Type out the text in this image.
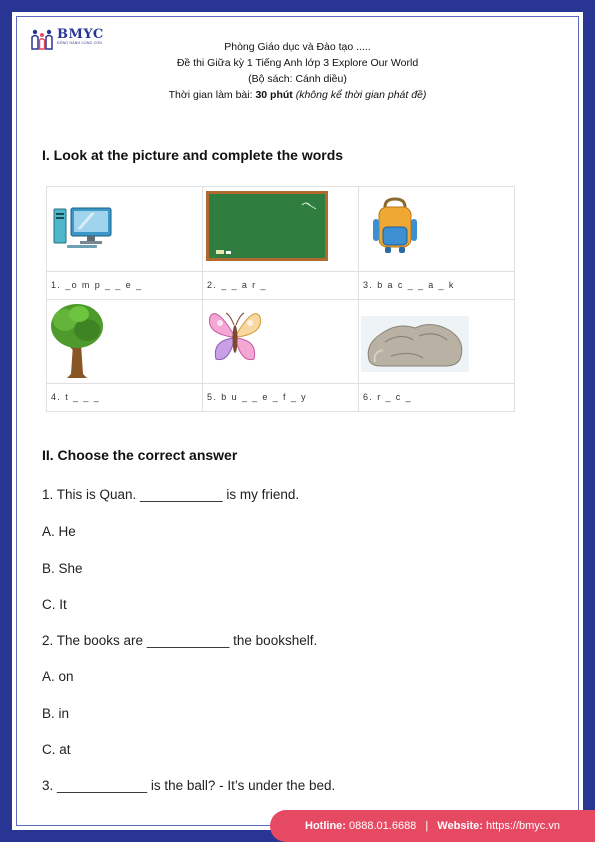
BMYC
ĐỒNG HÀNH CÙNG CON	Phòng Giáo dục và Đào tạo .....
Đề thi Giữa kỳ 1 Tiếng Anh lớp 3 Explore Our World
(Bộ sách: Cánh diều)
Thời gian làm bài: 30 phút (không kể thời gian phát đề)
I. Look at the picture and complete the words
1. _o m p _ _ e _	2. _ _ a r _	3. b a c _ _ a _ k
4. t _ _ _	5. b u _ _ e _ f _ y	6. r _ c _
II. Choose the correct answer
1. This is Quan. ___________ is my friend.
A. He
B. She
C. It
2. The books are ___________ the bookshelf.
A. on
B. in
C. at
3. ____________ is the ball? - It’s under the bed.
Hotline: 0888.01.6688 | Website: https://bmyc.vn
